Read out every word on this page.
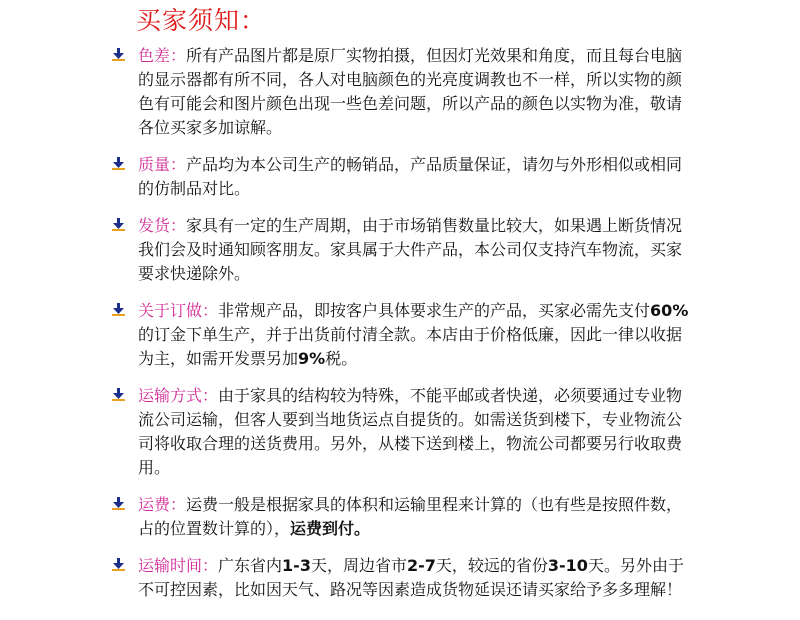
买家须知：
色差：所有产品图片都是原厂实物拍摄，但因灯光效果和角度，而且每台电脑的显示器都有所不同，各人对电脑颜色的光亮度调教也不一样，所以实物的颜色有可能会和图片颜色出现一些色差问题，所以产品的颜色以实物为准，敬请各位买家多加谅解。
质量：产品均为本公司生产的畅销品，产品质量保证，请勿与外形相似或相同的仿制品对比。
发货：家具有一定的生产周期，由于市场销售数量比较大，如果遇上断货情况我们会及时通知顾客朋友。家具属于大件产品，本公司仅支持汽车物流，买家要求快递除外。
关于订做：非常规产品，即按客户具体要求生产的产品，买家必需先支付60%的订金下单生产，并于出货前付清全款。本店由于价格低廉，因此一律以收据为主，如需开发票另加9%税。
运输方式：由于家具的结构较为特殊，不能平邮或者快递，必须要通过专业物流公司运输，但客人要到当地货运点自提货的。如需送货到楼下，专业物流公司将收取合理的送货费用。另外，从楼下送到楼上，物流公司都要另行收取费用。
运费：运费一般是根据家具的体积和运输里程来计算的（也有些是按照件数，占的位置数计算的），运费到付。
运输时间：广东省内1-3天，周边省市2-7天，较远的省份3-10天。另外由于不可控因素，比如因天气、路况等因素造成货物延误还请买家给予多多理解！
